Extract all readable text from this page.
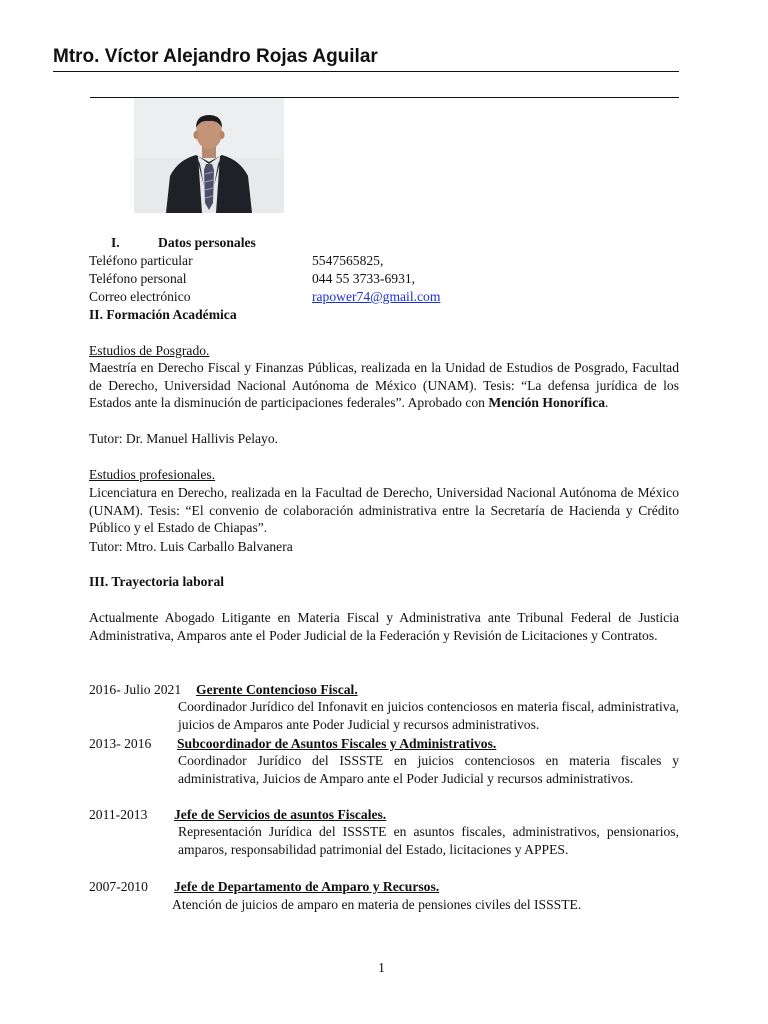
Mtro. Víctor Alejandro Rojas Aguilar
I.	Datos personales
Teléfono particular	5547565825,
Teléfono personal	044 55 3733-6931,
Correo electrónico	rapower74@gmail.com
II. Formación Académica
Estudios de Posgrado.

Maestría en Derecho Fiscal y Finanzas Públicas, realizada en la Unidad de Estudios de Posgrado, Facultad de Derecho, Universidad Nacional Autónoma de México (UNAM). Tesis: “La defensa jurídica de los Estados ante la disminución de participaciones federales”. Aprobado con Mención Honorífica.

Tutor: Dr. Manuel Hallivis Pelayo.
Estudios profesionales.

Licenciatura en Derecho, realizada en la Facultad de Derecho, Universidad Nacional Autónoma de México (UNAM). Tesis: “El convenio de colaboración administrativa entre la Secretaría de Hacienda y Crédito Público y el Estado de Chiapas”.

Tutor: Mtro. Luis Carballo Balvanera
III. Trayectoria laboral

Actualmente Abogado Litigante en Materia Fiscal y Administrativa ante Tribunal Federal de Justicia Administrativa, Amparos ante el Poder Judicial de la Federación y Revisión de Licitaciones y Contratos.

2016- Julio 2021 Gerente Contencioso Fiscal.
Coordinador Jurídico del Infonavit en juicios contenciosos en materia fiscal, administrativa, juicios de Amparos ante Poder Judicial y recursos administrativos.
2013- 2016 Subcoordinador de Asuntos Fiscales y Administrativos.
Coordinador Jurídico del ISSSTE en juicios contenciosos en materia fiscales y administrativa, Juicios de Amparo ante el Poder Judicial y recursos administrativos.
2011-2013 Jefe de Servicios de asuntos Fiscales.
Representación Jurídica del ISSSTE en asuntos fiscales, administrativos, pensionarios, amparos, responsabilidad patrimonial del Estado, licitaciones y APPES.
2007-2010 Jefe de Departamento de Amparo y Recursos.
Atención de juicios de amparo en materia de pensiones civiles del ISSSTE.
1
